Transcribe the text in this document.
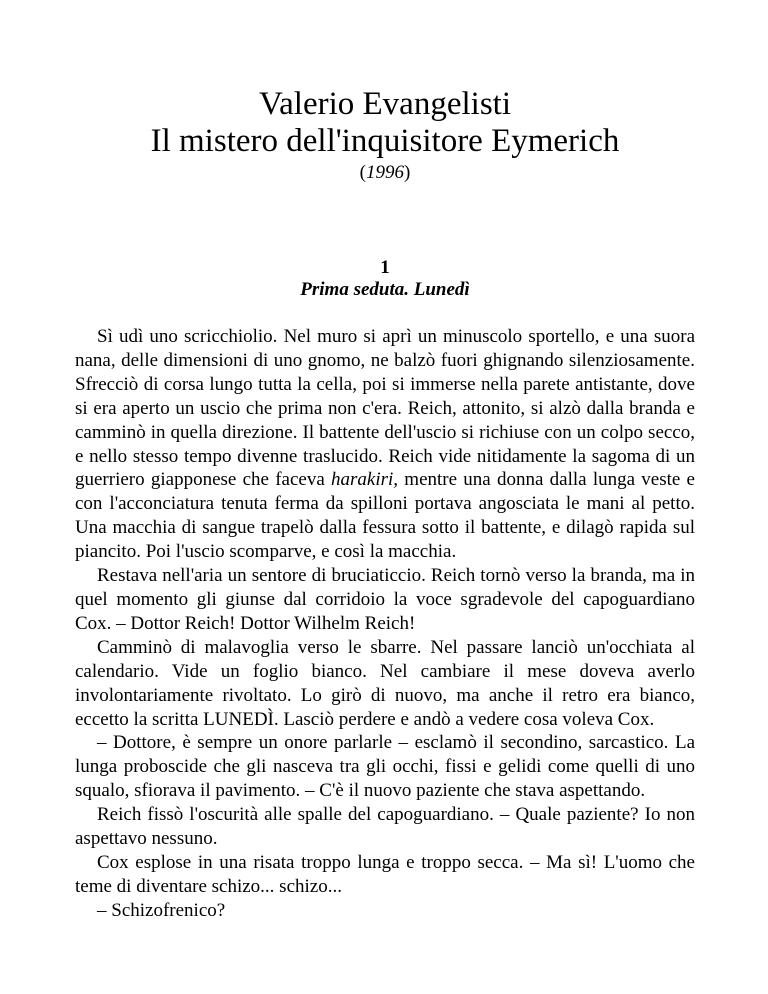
Valerio Evangelisti
Il mistero dell'inquisitore Eymerich
(1996)
1
Prima seduta. Lunedì

Sì udì uno scricchiolio. Nel muro si aprì un minuscolo sportello, e una suora nana, delle dimensioni di uno gnomo, ne balzò fuori ghignando silenziosamente. Sfrecciò di corsa lungo tutta la cella, poi si immerse nella parete antistante, dove si era aperto un uscio che prima non c'era. Reich, attonito, si alzò dalla branda e camminò in quella direzione. Il battente dell'uscio si richiuse con un colpo secco, e nello stesso tempo divenne traslucido. Reich vide nitidamente la sagoma di un guerriero giapponese che faceva harakiri, mentre una donna dalla lunga veste e con l'acconciatura tenuta ferma da spilloni portava angosciata le mani al petto. Una macchia di sangue trapelò dalla fessura sotto il battente, e dilagò rapida sul piancito. Poi l'uscio scomparve, e così la macchia.

Restava nell'aria un sentore di bruciaticcio. Reich tornò verso la branda, ma in quel momento gli giunse dal corridoio la voce sgradevole del capoguardiano Cox. – Dottor Reich! Dottor Wilhelm Reich!

Camminò di malavoglia verso le sbarre. Nel passare lanciò un'occhiata al calendario. Vide un foglio bianco. Nel cambiare il mese doveva averlo involontariamente rivoltato. Lo girò di nuovo, ma anche il retro era bianco, eccetto la scritta LUNEDÌ. Lasciò perdere e andò a vedere cosa voleva Cox.

– Dottore, è sempre un onore parlarle – esclamò il secondino, sarcastico. La lunga proboscide che gli nasceva tra gli occhi, fissi e gelidi come quelli di uno squalo, sfiorava il pavimento. – C'è il nuovo paziente che stava aspettando.

Reich fissò l'oscurità alle spalle del capoguardiano. – Quale paziente? Io non aspettavo nessuno.

Cox esplose in una risata troppo lunga e troppo secca. – Ma sì! L'uomo che teme di diventare schizo... schizo...

– Schizofrenico?
